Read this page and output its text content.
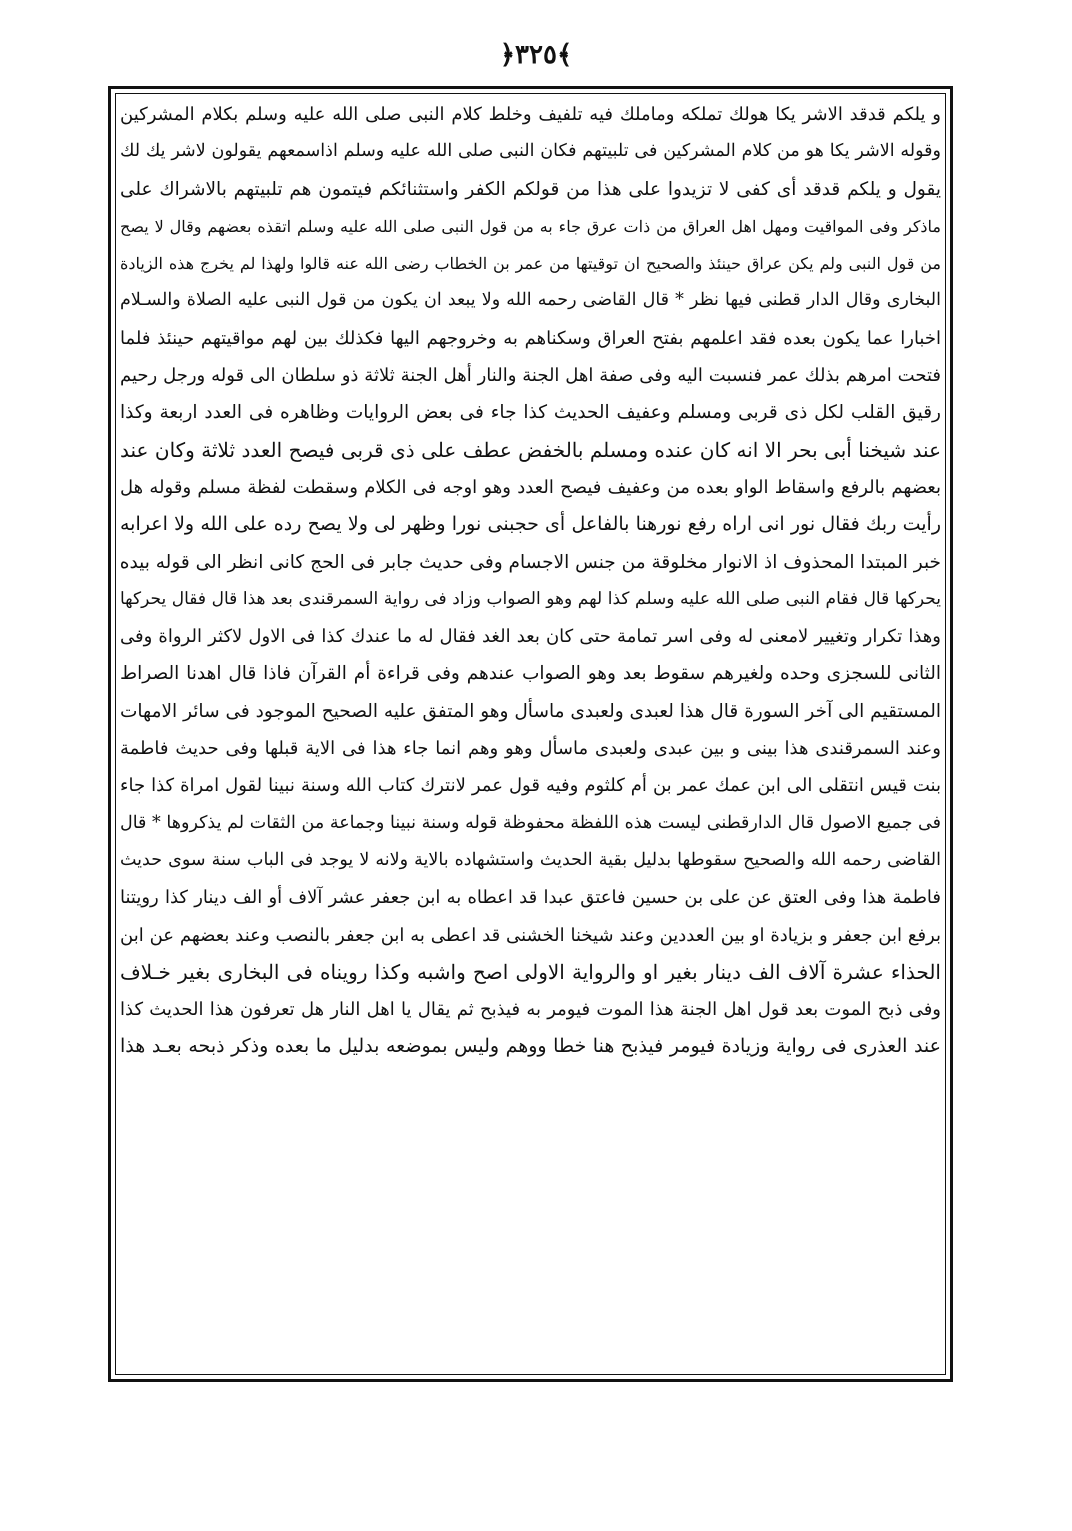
﴿٣٢٥﴾
و يلكم قدقد الاشر يكا هولك تملكه وماملك فيه تلفيف وخلط كلام النبى صلى الله عليه وسلم بكلام المشركين
وقوله الاشر يكا هو من كلام المشركين فى تلبيتهم فكان النبى صلى الله عليه وسلم اذاسمعهم يقولون لاشر يك لك
يقول و يلكم قدقد أى كفى لا تزيدوا على هذا من قولكم الكفر واستثنائكم فيتمون هم تلبيتهم بالاشراك على
ماذكر وفى المواقيت ومهل اهل العراق من ذات عرق جاء به من قول النبى صلى الله عليه وسلم اتقذه بعضهم وقال لا يصح
من قول النبى ولم يكن عراق حينئذ والصحيح ان توقيتها من عمر بن الخطاب رضى الله عنه قالوا ولهذا لم يخرج هذه الزيادة
البخارى وقال الدار قطنى فيها نظر * قال القاضى رحمه الله ولا يبعد ان يكون من قول النبى عليه الصلاة والسـلام
اخبارا عما يكون بعده فقد اعلمهم بفتح العراق وسكناهم به وخروجهم اليها فكذلك بين لهم مواقيتهم حينئذ فلما
فتحت امرهم بذلك عمر فنسبت اليه وفى صفة اهل الجنة والنار أهل الجنة ثلاثة ذو سلطان الى قوله ورجل رحيم
رقيق القلب لكل ذى قربى ومسلم وعفيف الحديث كذا جاء فى بعض الروايات وظاهره فى العدد اربعة وكذا
عند شيخنا أبى بحر الا انه كان عنده ومسلم بالخفض عطف على ذى قربى فيصح العدد ثلاثة وكان عند
بعضهم بالرفع واسقاط الواو بعده من وعفيف فيصح العدد وهو اوجه فى الكلام وسقطت لفظة مسلم وقوله هل
رأيت ربك فقال نور انى اراه رفع نورهنا بالفاعل أى حجبنى نورا وظهر لى ولا يصح رده على الله ولا اعرابه
خبر المبتدا المحذوف اذ الانوار مخلوقة من جنس الاجسام وفى حديث جابر فى الحج كانى انظر الى قوله بيده
يحركها قال فقام النبى صلى الله عليه وسلم كذا لهم وهو الصواب وزاد فى رواية السمرقندى بعد هذا قال فقال يحركها
وهذا تكرار وتغيير لامعنى له وفى اسر تمامة حتى كان بعد الغد فقال له ما عندك كذا فى الاول لاكثر الرواة وفى
الثانى للسجزى وحده ولغيرهم سقوط بعد وهو الصواب عندهم وفى قراءة أم القرآن فاذا قال اهدنا الصراط
المستقيم الى آخر السورة قال هذا لعبدى ولعبدى ماسأل وهو المتفق عليه الصحيح الموجود فى سائر الامهات
وعند السمرقندى هذا بينى و بين عبدى ولعبدى ماسأل وهو وهم انما جاء هذا فى الاية قبلها وفى حديث فاطمة
بنت قيس انتقلى الى ابن عمك عمر بن أم كلثوم وفيه قول عمر لانترك كتاب الله وسنة نبينا لقول امراة كذا جاء
فى جميع الاصول قال الدارقطنى ليست هذه اللفظة محفوظة قوله وسنة نبينا وجماعة من الثقات لم يذكروها * قال
القاضى رحمه الله والصحيح سقوطها بدليل بقية الحديث واستشهاده بالاية ولانه لا يوجد فى الباب سنة سوى حديث
فاطمة هذا وفى العتق عن على بن حسين فاعتق عبدا قد اعطاه به ابن جعفر عشر آلاف أو الف دينار كذا رويتنا
برفع ابن جعفر و بزيادة او بين العددين وعند شيخنا الخشنى قد اعطى به ابن جعفر بالنصب وعند بعضهم عن ابن
الحذاء عشرة آلاف الف دينار بغير او والرواية الاولى اصح واشبه وكذا رويناه فى البخارى بغير خـلاف
وفى ذبح الموت بعد قول اهل الجنة هذا الموت فيومر به فيذبح ثم يقال يا اهل النار هل تعرفون هذا الحديث كذا
عند العذرى فى رواية وزيادة فيومر فيذبح هنا خطا ووهم وليس بموضعه بدليل ما بعده وذكر ذبحه بعـد هذا
